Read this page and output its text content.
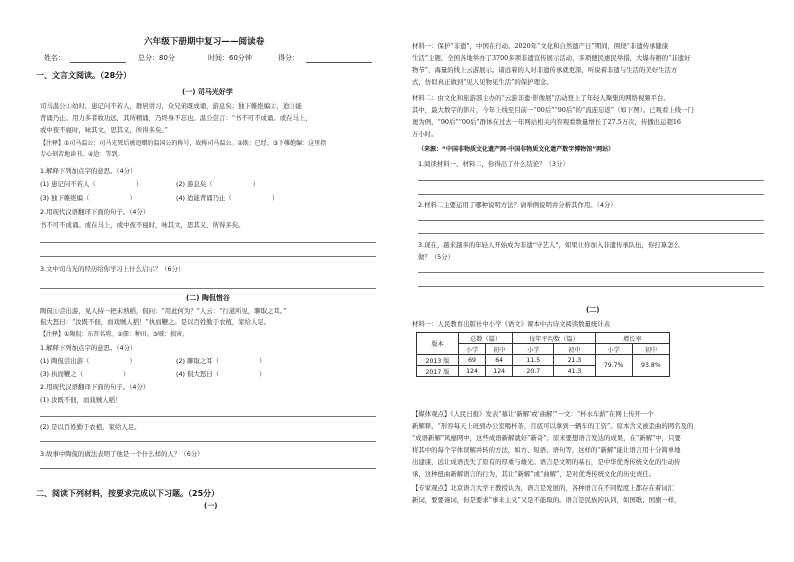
六年级下册期中复习——阅读卷
姓名：	总分：80分	时间：60分钟	得分：
一、文言文阅读。（28分）
(一) 司马光好学
司马温公①幼时，患记问不若人，群居讲习，众兄弟既成诵，游息矣；独下帷绝编②，迨③能
背诵乃止。用力多者收功远，其所精诵，乃终身不忘也。温公尝言：“书不可不成诵。或在马上，
或中夜不寝时，咏其文，思其义，所得多矣。”
【注释】①司马温公：司马光死后被追赠的温国公的称号，故称司马温公。②既：已经。③下帷绝编：这里指
专心刻苦地读书。④迨：等到。
1.解释下列加点字的意思。（4分）
(1) 患记问不若人（	）	(2) 游息矣（	）
(3) 独下帷绝编（	）	(4) 迨能背诵乃止（	）
2.用现代汉语翻译下面的句子。（4分）
书不可不成诵。或在马上，或中夜不寝时，咏其文，思其义，所得多矣。
3.文中司马光的经历给你学习上什么启示？（6分）
(二) 陶侃惜谷
陶侃①尝出游，见人持一把未熟稻，侃问：“用此何为？”人云：“行道所见，聊取之耳。”
侃大怒曰：“汝既不佃，而戏贼人稻！”执而鞭之。是以百姓勤于农植，家给人足。
【注释】①陶侃：东晋名将。②佃：种田。③贼：损害。
1.解释下列加点字的意思。（4分）
(1) 陶侃尝出游（	）	(2) 聊取之耳（	）
(3) 执而鞭之（	）	(4) 侃大怒曰（	）
2.用现代汉语翻译下面的句子。（4分）
(1) 汝既不佃，而戏贼人稻！
(2) 是以百姓勤于农植，家给人足。
3.故事中陶侃的做法表明了他是一个什么样的人？（6分）
二、阅读下列材料，按要求完成以下习题。（25分）
(一)
材料一：保护“非遗”，中国在行动。2020年“文化和自然遗产日”期间，围绕“非遗传承健康
生活”主题，全国各地举办了3700多项非遗宣传展示活动，多项便民惠民举措，大爆寿辦的“非遗好
物节”，海量的线上云游展示。诸远着的人对非遗传承就更深，听说着非遗与生活的美好生活方
式，仿似真正做到“见人见物见生活”的保护理念。
材料二：由文化和旅游部主办的“云游非遗·影像展”活动登上了年轻人聚集的网络视频平台。
其中，最大数字的影片，今年上线至目前一“00后”“90后”的“流连忘返”（如下图）。已观看上线一门
奥为例，“90后”“00后”群体在过去一年网站相关内容观看数量增长了27.5万次，传播出运超16
万小时。
（来源：“中国非物质文化遗产网·中国非物质文化遗产数字博物馆”网站）
1.阅读材料一、材料二，你得出了什么结论？（3分）
2.材料二主要运用了哪种说明方法？请举例说明并分析其作用。（4分）
3.现在，越来越多的年轻人开始成为非遗“守艺人”，如果让你加入非遗传承队伍，你打算怎么
做？（5分）
(二)
材料一：人民教育出版社中小学《语文》课本中古诗文阅读数量统计表
版本	总数（篇）		每年平均数（篇）		增长率	
	小学	初中	小学	初中	小学	初中
2013 版	69	64	11.5	21.3	79.7%	93.8%
2017 版	124	124	20.7	41.3		
【媒体观点】《人民日报》发表“慕让‘新解’或‘曲解’”一文：“杯水车薪”在网上传开一个
新解释，“形容每天上班到办公室喝杯茶，月底可以拿到一辆车的工资”。原本含义被歪曲的网名及的
“成语新解”风靡网中，这些成语新解就好“新奇”。原来要想语言发达的成果，在“新解”中，只要
将其中的每个字体误解并转的方法，如方、短语、语句等，这样的“新解”能让语言用十分简单地
出建康，远让成语丧失了原有的厚重与雄光。语言是文明的基石，是中华优秀传统文化的生动传
承，这种扭曲新解语言的行为，其让“新解”或“曲解”，是对优秀传统文化的历史责任。
【专家观点】北京语言大学王教授认为，语言是发展的，各种语言在不同程度上都存在着词汇
新词，要要谨词，但是要求“事来主义”又是不能取的。语言是民族的认同，如国歌、国旗一样，
